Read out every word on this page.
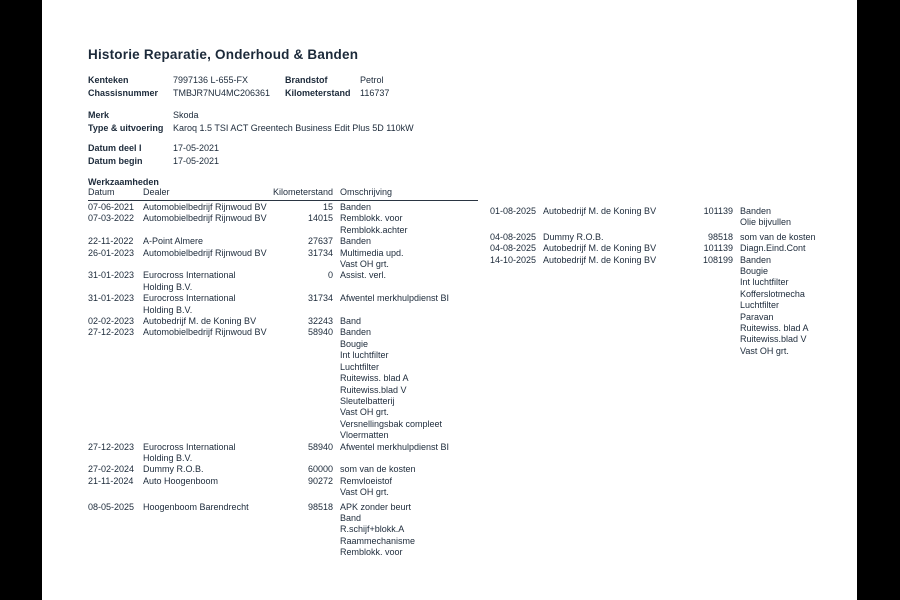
Historie Reparatie, Onderhoud & Banden
Kenteken	7997136 L-655-FX	Brandstof	Petrol
Chassisnummer	TMBJR7NU4MC206361	Kilometerstand	116737
Merk	Skoda
Type & uitvoering	Karoq 1.5 TSI ACT Greentech Business Edit Plus 5D 110kW
Datum deel I	17-05-2021
Datum begin	17-05-2021
Werkzaamheden
Datum	Dealer	Kilometerstand Omschrijving
07-06-2021 Automobielbedrijf Rijnwoud BV	15 Banden
07-03-2022 Automobielbedrijf Rijnwoud BV	14015 Remblokk. voor
Remblokk.achter
22-11-2022	A-Point Almere	27637 Banden
26-01-2023 Automobielbedrijf Rijnwoud BV	31734 Multimedia upd.
Vast OH grt.
31-01-2023 Eurocross International Holding B.V.
0 Assist. verl.
31-01-2023 Eurocross International Holding B.V.
31734 Afwentel merkhulpdienst BI
02-02-2023 Autobedrijf M. de Koning BV	32243 Band
27-12-2023 Automobielbedrijf Rijnwoud BV	58940 Banden
Bougie
Int luchtfilter
Luchtfilter
Ruitewiss. blad A
Ruitewiss.blad V
Sleutelbatterij
Vast OH grt.
Versnellingsbak compleet
Vloermatten
27-12-2023 Eurocross International Holding B.V.
58940 Afwentel merkhulpdienst BI
27-02-2024 Dummy R.O.B.	60000 som van de kosten
21-11-2024	Auto Hoogenboom	90272 Remvloeistof
Vast OH grt.
08-05-2025 Hoogenboom Barendrecht	98518 APK zonder beurt
Band
R.schijf+blokk.A
Raammechanisme
Remblokk. voor
01-08-2025 Autobedrijf M. de Koning BV	101139 Banden
Olie bijvullen
04-08-2025 Dummy R.O.B.	98518 som van de kosten
04-08-2025 Autobedrijf M. de Koning BV	101139 Diagn.Eind.Cont
14-10-2025 Autobedrijf M. de Koning BV	108199 Banden
Bougie
Int luchtfilter
Kofferslotmecha
Luchtfilter
Paravan
Ruitewiss. blad A
Ruitewiss.blad V
Vast OH grt.
